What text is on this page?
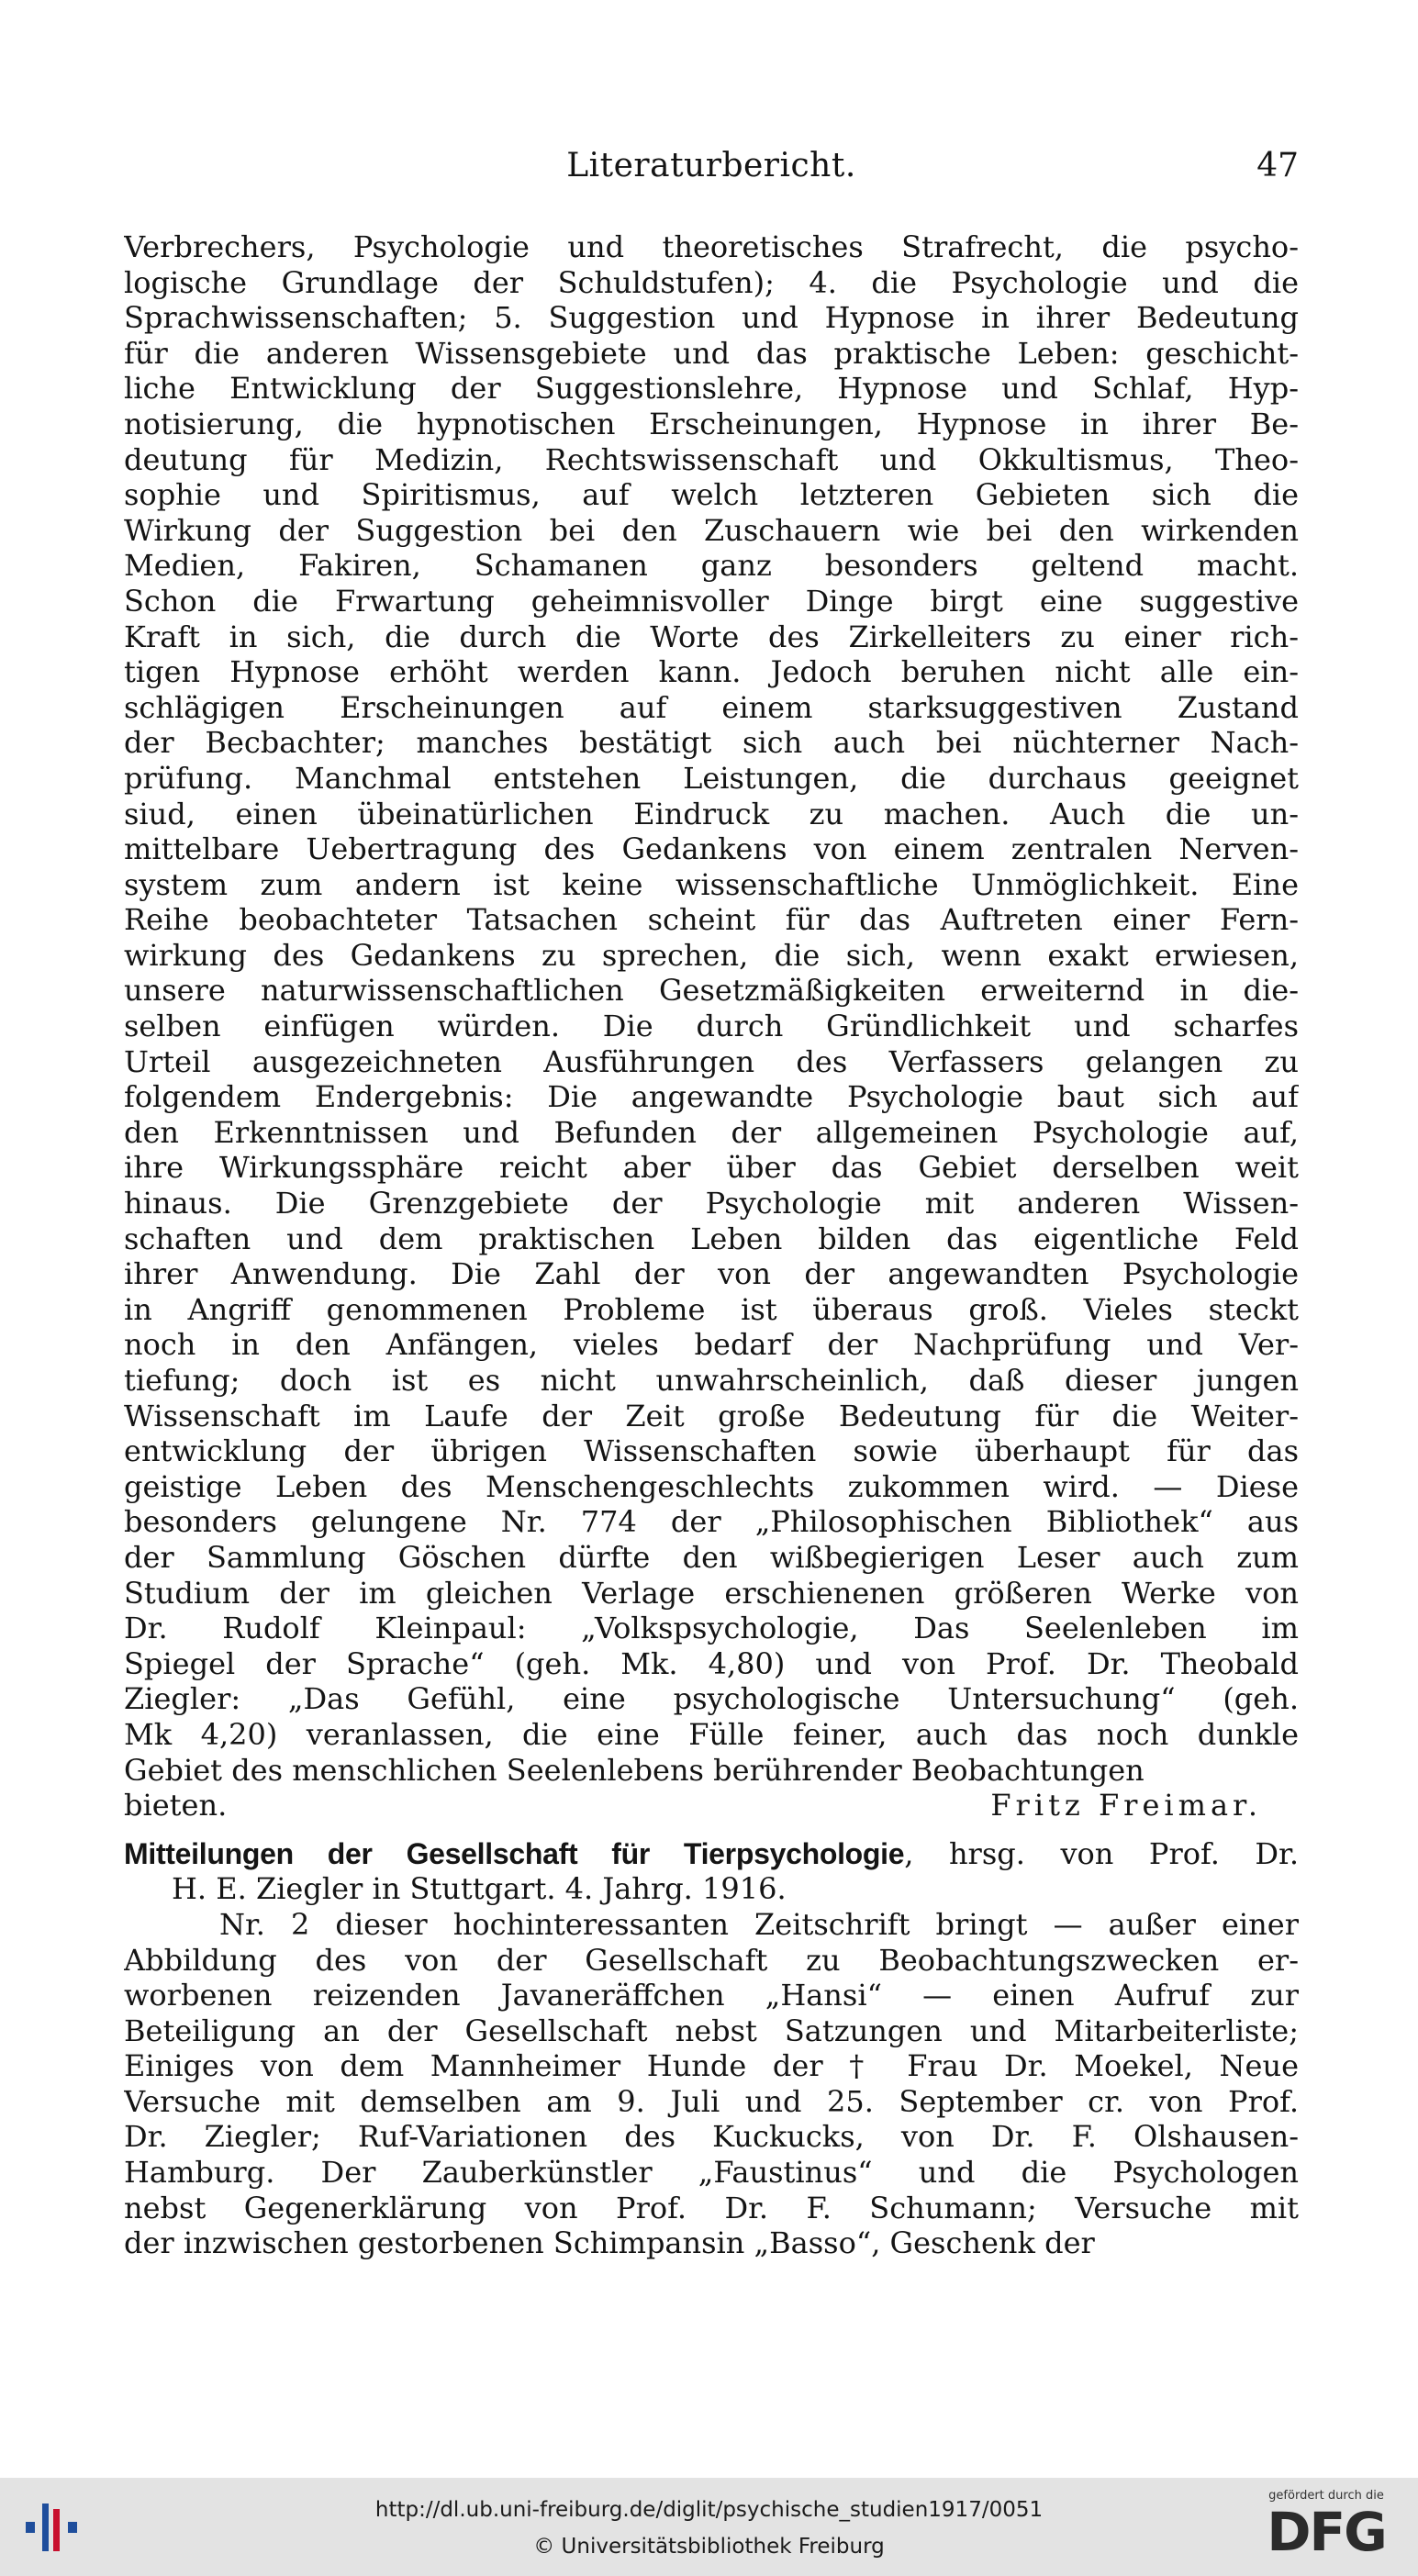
Literaturbericht.	47
Verbrechers, Psychologie und theoretisches Strafrecht, die psycho-
logische Grundlage der Schuldstufen); 4. die Psychologie und die
Sprachwissenschaften; 5. Suggestion und Hypnose in ihrer Bedeutung
für die anderen Wissensgebiete und das praktische Leben: geschicht-
liche Entwicklung der Suggestionslehre, Hypnose und Schlaf, Hyp-
notisierung, die hypnotischen Erscheinungen, Hypnose in ihrer Be-
deutung für Medizin, Rechtswissenschaft und Okkultismus, Theo-
sophie und Spiritismus, auf welch letzteren Gebieten sich die
Wirkung der Suggestion bei den Zuschauern wie bei den wirkenden
Medien, Fakiren, Schamanen ganz besonders geltend macht.
Schon die Frwartung geheimnisvoller Dinge birgt eine suggestive
Kraft in sich, die durch die Worte des Zirkelleiters zu einer rich-
tigen Hypnose erhöht werden kann. Jedoch beruhen nicht alle ein-
schlägigen Erscheinungen auf einem starksuggestiven Zustand
der Becbachter; manches bestätigt sich auch bei nüchterner Nach-
prüfung. Manchmal entstehen Leistungen, die durchaus geeignet
siud, einen übeinatürlichen Eindruck zu machen. Auch die un-
mittelbare Uebertragung des Gedankens von einem zentralen Nerven-
system zum andern ist keine wissenschaftliche Unmöglichkeit. Eine
Reihe beobachteter Tatsachen scheint für das Auftreten einer Fern-
wirkung des Gedankens zu sprechen, die sich, wenn exakt erwiesen,
unsere naturwissenschaftlichen Gesetzmäßigkeiten erweiternd in die-
selben einfügen würden. Die durch Gründlichkeit und scharfes
Urteil ausgezeichneten Ausführungen des Verfassers gelangen zu
folgendem Endergebnis: Die angewandte Psychologie baut sich auf
den Erkenntnissen und Befunden der allgemeinen Psychologie auf,
ihre Wirkungssphäre reicht aber über das Gebiet derselben weit
hinaus. Die Grenzgebiete der Psychologie mit anderen Wissen-
schaften und dem praktischen Leben bilden das eigentliche Feld
ihrer Anwendung. Die Zahl der von der angewandten Psychologie
in Angriff genommenen Probleme ist überaus groß. Vieles steckt
noch in den Anfängen, vieles bedarf der Nachprüfung und Ver-
tiefung; doch ist es nicht unwahrscheinlich, daß dieser jungen
Wissenschaft im Laufe der Zeit große Bedeutung für die Weiter-
entwicklung der übrigen Wissenschaften sowie überhaupt für das
geistige Leben des Menschengeschlechts zukommen wird. — Diese
besonders gelungene Nr. 774 der „Philosophischen Bibliothek“ aus
der Sammlung Göschen dürfte den wißbegierigen Leser auch zum
Studium der im gleichen Verlage erschienenen größeren Werke von
Dr. Rudolf Kleinpaul: „Volkspsychologie, Das Seelenleben im
Spiegel der Sprache“ (geh. Mk. 4,80) und von Prof. Dr. Theobald
Ziegler: „Das Gefühl, eine psychologische Untersuchung“ (geh.
Mk 4,20) veranlassen, die eine Fülle feiner, auch das noch dunkle
Gebiet des menschlichen Seelenlebens berührender Beobachtungen
bieten.	Fritz Freimar.
Mitteilungen der Gesellschaft für Tierpsychologie, hrsg. von Prof. Dr.
H. E. Ziegler in Stuttgart. 4. Jahrg. 1916.
Nr. 2 dieser hochinteressanten Zeitschrift bringt — außer einer
Abbildung des von der Gesellschaft zu Beobachtungszwecken er-
worbenen reizenden Javaneräffchen „Hansi“ — einen Aufruf zur
Beteiligung an der Gesellschaft nebst Satzungen und Mitarbeiterliste;
Einiges von dem Mannheimer Hunde der † Frau Dr. Moekel, Neue
Versuche mit demselben am 9. Juli und 25. September cr. von Prof.
Dr. Ziegler; Ruf-Variationen des Kuckucks, von Dr. F. Olshausen-
Hamburg. Der Zauberkünstler „Faustinus“ und die Psychologen
nebst Gegenerklärung von Prof. Dr. F. Schumann; Versuche mit
der inzwischen gestorbenen Schimpansin „Basso“, Geschenk der
http://dl.ub.uni-freiburg.de/diglit/psychische_studien1917/0051
© Universitätsbibliothek Freiburg
gefördert durch die
DFG
